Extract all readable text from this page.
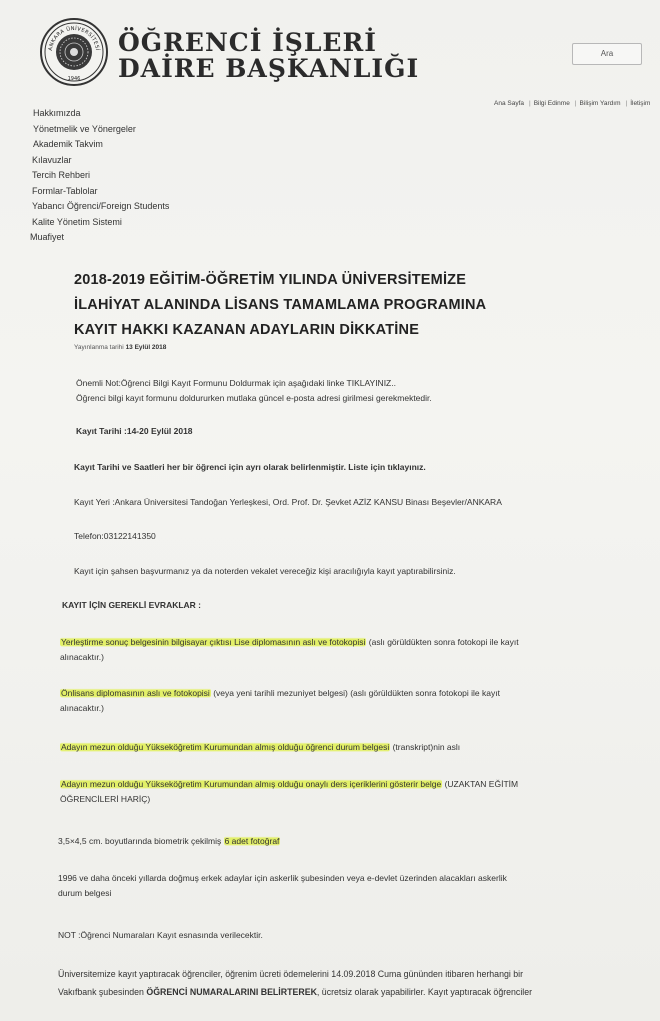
ANKARA ÜNİVERSİTESİ
1946
ÖĞRENCİ İŞLERİ
DAİRE BAŞKANLIĞI
Ara
Ana Sayfa | Bilgi Edinme | Bilişim Yardım | İletişim
Hakkımızda
Yönetmelik ve Yönergeler
Akademik Takvim
Kılavuzlar
Tercih Rehberi
Formlar-Tablolar
Yabancı Öğrenci/Foreign Students
Kalite Yönetim Sistemi
Muafiyet
2018-2019 EĞİTİM-ÖĞRETİM YILINDA ÜNİVERSİTEMİZE
İLAHİYAT ALANINDA LİSANS TAMAMLAMA PROGRAMINA
KAYIT HAKKI KAZANAN ADAYLARIN DİKKATİNE
Yayınlanma tarihi 13 Eylül 2018
Önemli Not:Öğrenci Bilgi Kayıt Formunu Doldurmak için aşağıdaki linke TIKLAYINIZ..
Öğrenci bilgi kayıt formunu doldururken mutlaka güncel e-posta adresi girilmesi gerekmektedir.
Kayıt Tarihi :14-20 Eylül 2018
Kayıt Tarihi ve Saatleri her bir öğrenci için ayrı olarak belirlenmiştir. Liste için tıklayınız.
Kayıt Yeri :Ankara Üniversitesi Tandoğan Yerleşkesi, Ord. Prof. Dr. Şevket AZİZ KANSU Binası Beşevler/ANKARA
Telefon:03122141350
Kayıt için şahsen başvurmanız ya da noterden vekalet vereceğiz kişi aracılığıyla kayıt yaptırabilirsiniz.
KAYIT İÇİN GEREKLİ EVRAKLAR :
Yerleştirme sonuç belgesinin bilgisayar çıktısı Lise diplomasının aslı ve fotokopisi (aslı görüldükten sonra fotokopi ile kayıt
alınacaktır.)
Önlisans diplomasının aslı ve fotokopisi (veya yeni tarihli mezuniyet belgesi) (aslı görüldükten sonra fotokopi ile kayıt
alınacaktır.)
Adayın mezun olduğu Yükseköğretim Kurumundan almış olduğu öğrenci durum belgesi (transkript)nin aslı
Adayın mezun olduğu Yükseköğretim Kurumundan almış olduğu onaylı ders içeriklerini gösterir belge (UZAKTAN EĞİTİM
ÖĞRENCİLERİ HARİÇ)
3,5×4,5 cm. boyutlarında biometrik çekilmiş 6 adet fotoğraf
1996 ve daha önceki yıllarda doğmuş erkek adaylar için askerlik şubesinden veya e-devlet üzerinden alacakları askerlik
durum belgesi
NOT :Öğrenci Numaraları Kayıt esnasında verilecektir.
Üniversitemize kayıt yaptıracak öğrenciler, öğrenim ücreti ödemelerini 14.09.2018 Cuma gününden itibaren herhangi bir
Vakıfbank şubesinden ÖĞRENCİ NUMARALARINI BELİRTEREK, ücretsiz olarak yapabilirler. Kayıt yaptıracak öğrenciler
